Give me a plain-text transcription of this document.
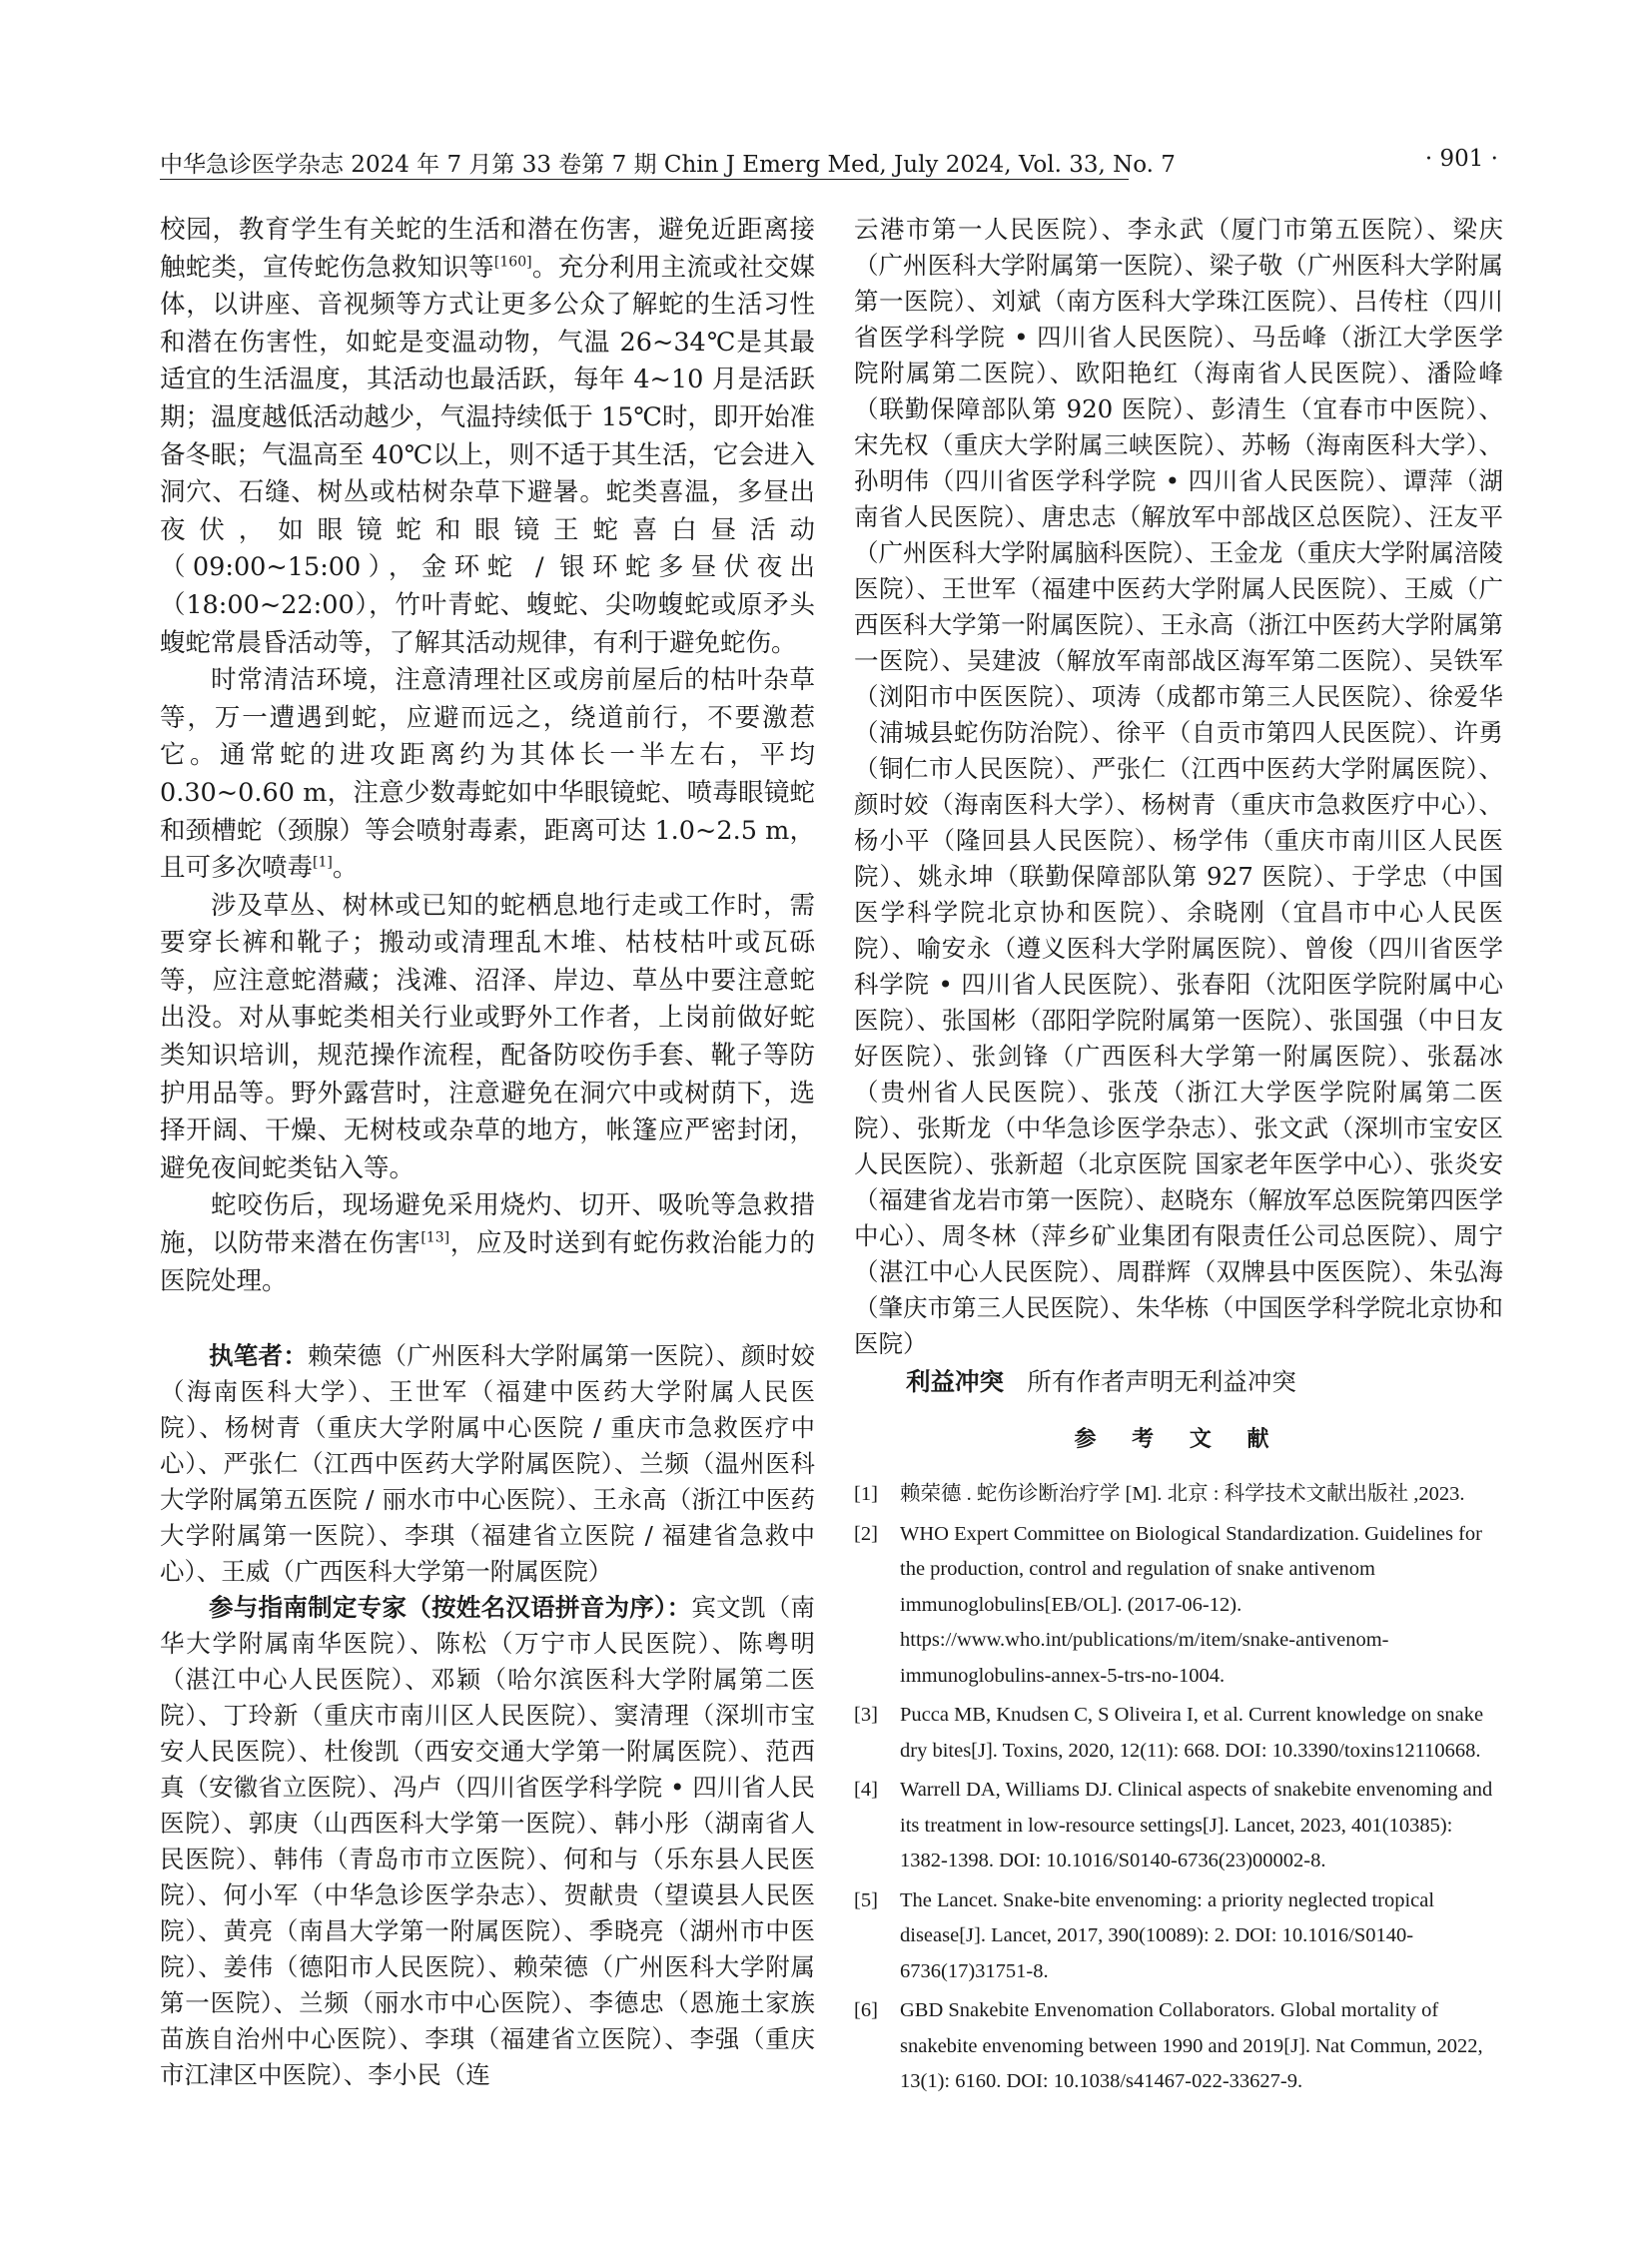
中华急诊医学杂志 2024 年 7 月第 33 卷第 7 期 Chin J Emerg Med, July 2024, Vol. 33, No. 7	· 901 ·

校园，教育学生有关蛇的生活和潜在伤害，避免近距离接触蛇类，宣传蛇伤急救知识等[160]。充分利用主流或社交媒体，以讲座、音视频等方式让更多公众了解蛇的生活习性和潜在伤害性，如蛇是变温动物，气温 26~34℃是其最适宜的生活温度，其活动也最活跃，每年 4~10 月是活跃期；温度越低活动越少，气温持续低于 15℃时，即开始准备冬眠；气温高至 40℃以上，则不适于其生活，它会进入洞穴、石缝、树丛或枯树杂草下避暑。蛇类喜温，多昼出夜伏，如眼镜蛇和眼镜王蛇喜白昼活动（09:00~15:00），金环蛇 / 银环蛇多昼伏夜出（18:00~22:00），竹叶青蛇、蝮蛇、尖吻蝮蛇或原矛头蝮蛇常晨昏活动等，了解其活动规律，有利于避免蛇伤。

时常清洁环境，注意清理社区或房前屋后的枯叶杂草等，万一遭遇到蛇，应避而远之，绕道前行，不要激惹它。通常蛇的进攻距离约为其体长一半左右，平均 0.30~0.60 m，注意少数毒蛇如中华眼镜蛇、喷毒眼镜蛇和颈槽蛇（颈腺）等会喷射毒素，距离可达 1.0~2.5 m，且可多次喷毒[1]。

涉及草丛、树林或已知的蛇栖息地行走或工作时，需要穿长裤和靴子；搬动或清理乱木堆、枯枝枯叶或瓦砾等，应注意蛇潜藏；浅滩、沼泽、岸边、草丛中要注意蛇出没。对从事蛇类相关行业或野外工作者，上岗前做好蛇类知识培训，规范操作流程，配备防咬伤手套、靴子等防护用品等。野外露营时，注意避免在洞穴中或树荫下，选择开阔、干燥、无树枝或杂草的地方，帐篷应严密封闭，避免夜间蛇类钻入等。

蛇咬伤后，现场避免采用烧灼、切开、吸吮等急救措施，以防带来潜在伤害[13]，应及时送到有蛇伤救治能力的医院处理。

执笔者：赖荣德（广州医科大学附属第一医院）、颜时姣（海南医科大学）、王世军（福建中医药大学附属人民医院）、杨树青（重庆大学附属中心医院 / 重庆市急救医疗中心）、严张仁（江西中医药大学附属医院）、兰频（温州医科大学附属第五医院 / 丽水市中心医院）、王永高（浙江中医药大学附属第一医院）、李琪（福建省立医院 / 福建省急救中心）、王威（广西医科大学第一附属医院）

参与指南制定专家（按姓名汉语拼音为序）：宾文凯（南华大学附属南华医院）、陈松（万宁市人民医院）、陈粤明（湛江中心人民医院）、邓颖（哈尔滨医科大学附属第二医院）、丁玲新（重庆市南川区人民医院）、窦清理（深圳市宝安人民医院）、杜俊凯（西安交通大学第一附属医院）、范西真（安徽省立医院）、冯卢（四川省医学科学院 • 四川省人民医院）、郭庚（山西医科大学第一医院）、韩小彤（湖南省人民医院）、韩伟（青岛市市立医院）、何和与（乐东县人民医院）、何小军（中华急诊医学杂志）、贺献贵（望谟县人民医院）、黄亮（南昌大学第一附属医院）、季晓亮（湖州市中医院）、姜伟（德阳市人民医院）、赖荣德（广州医科大学附属第一医院）、兰频（丽水市中心医院）、李德忠（恩施土家族苗族自治州中心医院）、李琪（福建省立医院）、李强（重庆市江津区中医院）、李小民（连

云港市第一人民医院）、李永武（厦门市第五医院）、梁庆（广州医科大学附属第一医院）、梁子敬（广州医科大学附属第一医院）、刘斌（南方医科大学珠江医院）、吕传柱（四川省医学科学院 • 四川省人民医院）、马岳峰（浙江大学医学院附属第二医院）、欧阳艳红（海南省人民医院）、潘险峰（联勤保障部队第 920 医院）、彭清生（宜春市中医院）、宋先权（重庆大学附属三峡医院）、苏畅（海南医科大学）、孙明伟（四川省医学科学院 • 四川省人民医院）、谭萍（湖南省人民医院）、唐忠志（解放军中部战区总医院）、汪友平（广州医科大学附属脑科医院）、王金龙（重庆大学附属涪陵医院）、王世军（福建中医药大学附属人民医院）、王威（广西医科大学第一附属医院）、王永高（浙江中医药大学附属第一医院）、吴建波（解放军南部战区海军第二医院）、吴铁军（浏阳市中医医院）、项涛（成都市第三人民医院）、徐爱华（浦城县蛇伤防治院）、徐平（自贡市第四人民医院）、许勇（铜仁市人民医院）、严张仁（江西中医药大学附属医院）、颜时姣（海南医科大学）、杨树青（重庆市急救医疗中心）、杨小平（隆回县人民医院）、杨学伟（重庆市南川区人民医院）、姚永坤（联勤保障部队第 927 医院）、于学忠（中国医学科学院北京协和医院）、余晓刚（宜昌市中心人民医院）、喻安永（遵义医科大学附属医院）、曾俊（四川省医学科学院 • 四川省人民医院）、张春阳（沈阳医学院附属中心医院）、张国彬（邵阳学院附属第一医院）、张国强（中日友好医院）、张剑锋（广西医科大学第一附属医院）、张磊冰（贵州省人民医院）、张茂（浙江大学医学院附属第二医院）、张斯龙（中华急诊医学杂志）、张文武（深圳市宝安区人民医院）、张新超（北京医院 国家老年医学中心）、张炎安（福建省龙岩市第一医院）、赵晓东（解放军总医院第四医学中心）、周冬林（萍乡矿业集团有限责任公司总医院）、周宁（湛江中心人民医院）、周群辉（双牌县中医医院）、朱弘海（肇庆市第三人民医院）、朱华栋（中国医学科学院北京协和医院）

利益冲突 所有作者声明无利益冲突

参 考 文 献
[1] 赖荣德 . 蛇伤诊断治疗学 [M]. 北京 : 科学技术文献出版社 ,2023.
[2] WHO Expert Committee on Biological Standardization. Guidelines for the production, control and regulation of snake antivenom immunoglobulins[EB/OL]. (2017-06-12). https://www.who.int/publications/m/item/snake-antivenom-immunoglobulins-annex-5-trs-no-1004.
[3] Pucca MB, Knudsen C, S Oliveira I, et al. Current knowledge on snake dry bites[J]. Toxins, 2020, 12(11): 668. DOI: 10.3390/toxins12110668.
[4] Warrell DA, Williams DJ. Clinical aspects of snakebite envenoming and its treatment in low-resource settings[J]. Lancet, 2023, 401(10385): 1382-1398. DOI: 10.1016/S0140-6736(23)00002-8.
[5] The Lancet. Snake-bite envenoming: a priority neglected tropical disease[J]. Lancet, 2017, 390(10089): 2. DOI: 10.1016/S0140-6736(17)31751-8.
[6] GBD Snakebite Envenomation Collaborators. Global mortality of snakebite envenoming between 1990 and 2019[J]. Nat Commun, 2022, 13(1): 6160. DOI: 10.1038/s41467-022-33627-9.
